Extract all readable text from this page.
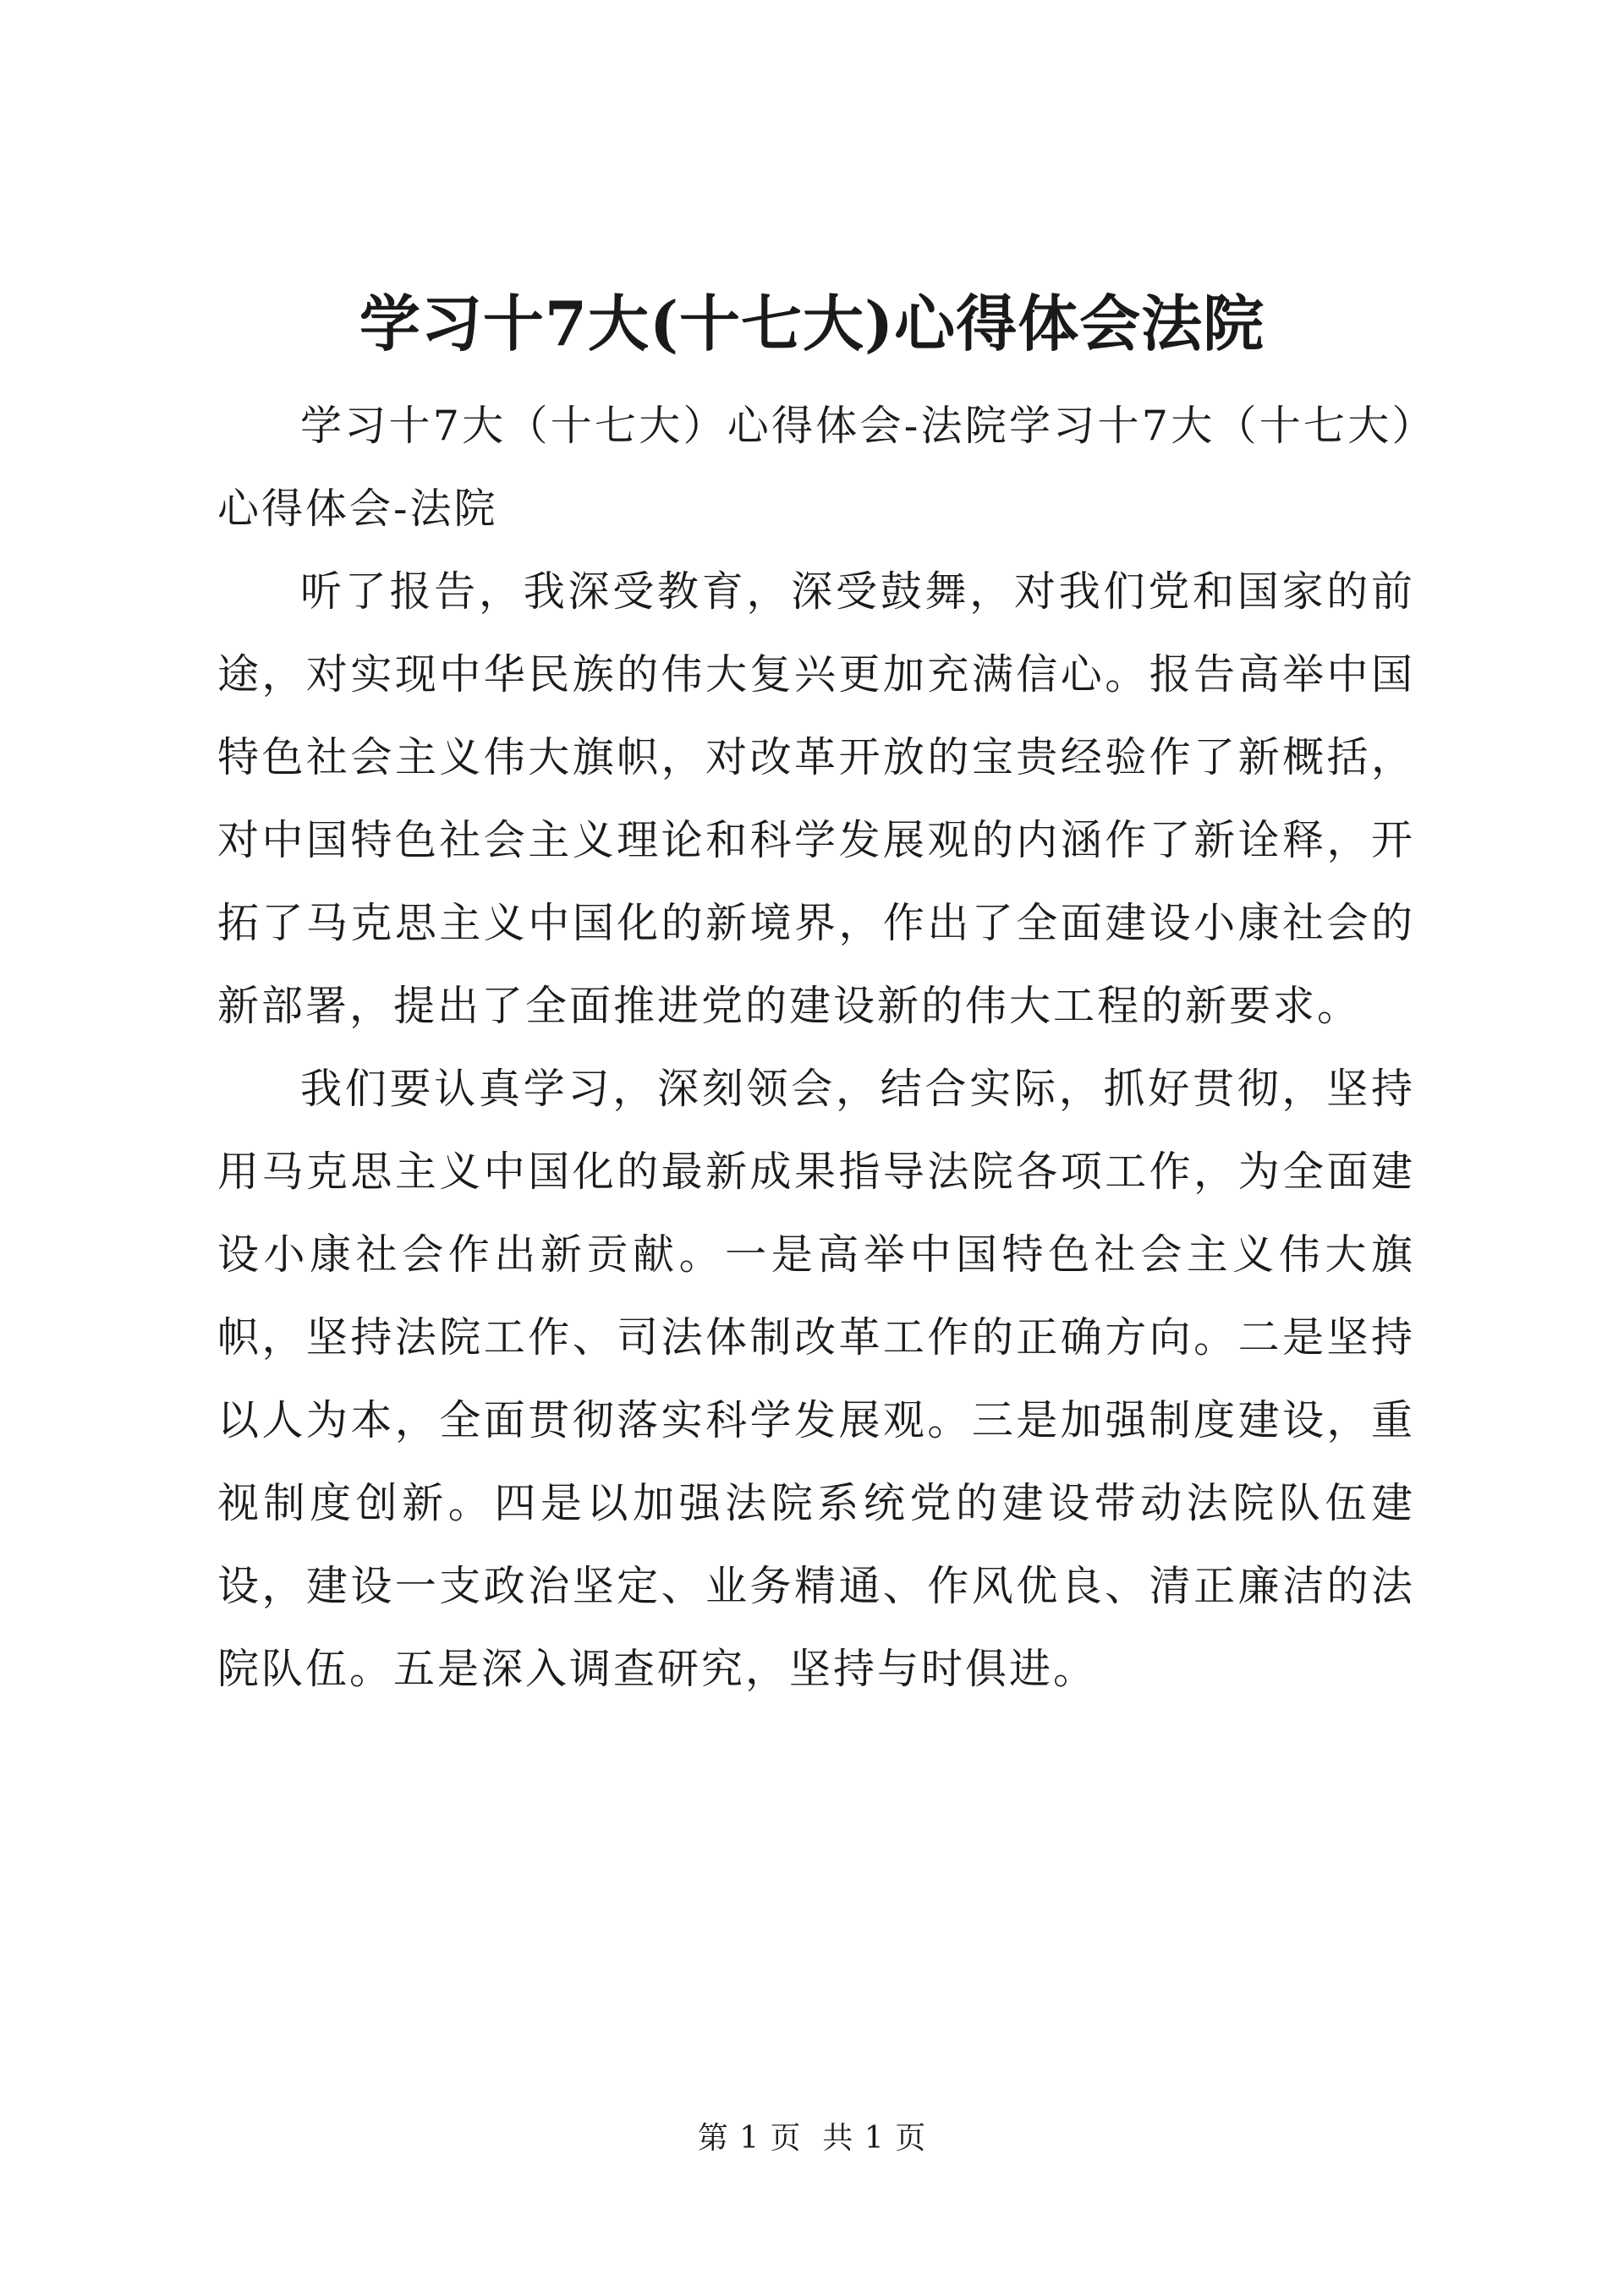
学习十7大(十七大)心得体会法院

学习十7大（十七大）心得体会-法院学习十7大（十七大）心得体会-法院

听了报告，我深受教育，深受鼓舞，对我们党和国家的前途，对实现中华民族的伟大复兴更加充满信心。报告高举中国特色社会主义伟大旗帜，对改革开放的宝贵经验作了新概括，对中国特色社会主义理论和科学发展观的内涵作了新诠释，开拓了马克思主义中国化的新境界，作出了全面建设小康社会的新部署，提出了全面推进党的建设新的伟大工程的新要求。

我们要认真学习，深刻领会，结合实际，抓好贯彻，坚持用马克思主义中国化的最新成果指导法院各项工作，为全面建设小康社会作出新贡献。一是高举中国特色社会主义伟大旗帜，坚持法院工作、司法体制改革工作的正确方向。二是坚持以人为本，全面贯彻落实科学发展观。三是加强制度建设，重视制度创新。四是以加强法院系统党的建设带动法院队伍建设，建设一支政治坚定、业务精通、作风优良、清正廉洁的法院队伍。五是深入调查研究，坚持与时俱进。

第 1 页  共 1 页
